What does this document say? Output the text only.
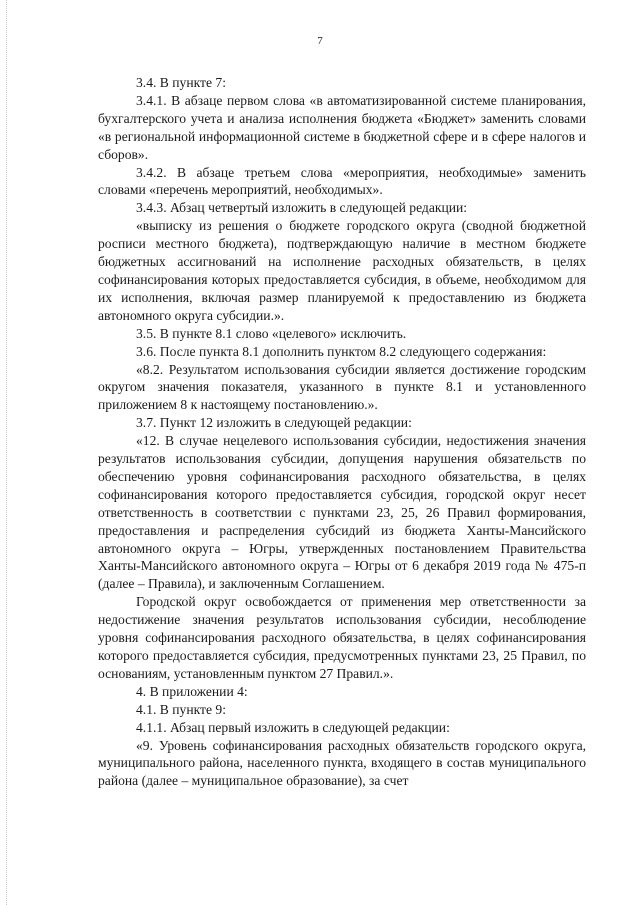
7

3.4. В пункте 7:

3.4.1. В абзаце первом слова «в автоматизированной системе планирования, бухгалтерского учета и анализа исполнения бюджета «Бюджет» заменить словами «в региональной информационной системе в бюджетной сфере и в сфере налогов и сборов».

3.4.2. В абзаце третьем слова «мероприятия, необходимые» заменить словами «перечень мероприятий, необходимых».

3.4.3. Абзац четвертый изложить в следующей редакции:

«выписку из решения о бюджете городского округа (сводной бюджетной росписи местного бюджета), подтверждающую наличие в местном бюджете бюджетных ассигнований на исполнение расходных обязательств, в целях софинансирования которых предоставляется субсидия, в объеме, необходимом для их исполнения, включая размер планируемой к предоставлению из бюджета автономного округа субсидии.».

3.5. В пункте 8.1 слово «целевого» исключить.

3.6. После пункта 8.1 дополнить пунктом 8.2 следующего содержания:

«8.2. Результатом использования субсидии является достижение городским округом значения показателя, указанного в пункте 8.1 и установленного приложением 8 к настоящему постановлению.».

3.7. Пункт 12 изложить в следующей редакции:

«12. В случае нецелевого использования субсидии, недостижения значения результатов использования субсидии, допущения нарушения обязательств по обеспечению уровня софинансирования расходного обязательства, в целях софинансирования которого предоставляется субсидия, городской округ несет ответственность в соответствии с пунктами 23, 25, 26 Правил формирования, предоставления и распределения субсидий из бюджета Ханты-Мансийского автономного округа – Югры, утвержденных постановлением Правительства Ханты-Мансийского автономного округа – Югры от 6 декабря 2019 года № 475-п (далее – Правила), и заключенным Соглашением.

Городской округ освобождается от применения мер ответственности за недостижение значения результатов использования субсидии, несоблюдение уровня софинансирования расходного обязательства, в целях софинансирования которого предоставляется субсидия, предусмотренных пунктами 23, 25 Правил, по основаниям, установленным пунктом 27 Правил.».

4. В приложении 4:

4.1. В пункте 9:

4.1.1. Абзац первый изложить в следующей редакции:

«9. Уровень софинансирования расходных обязательств городского округа, муниципального района, населенного пункта, входящего в состав муниципального района (далее – муниципальное образование), за счет
